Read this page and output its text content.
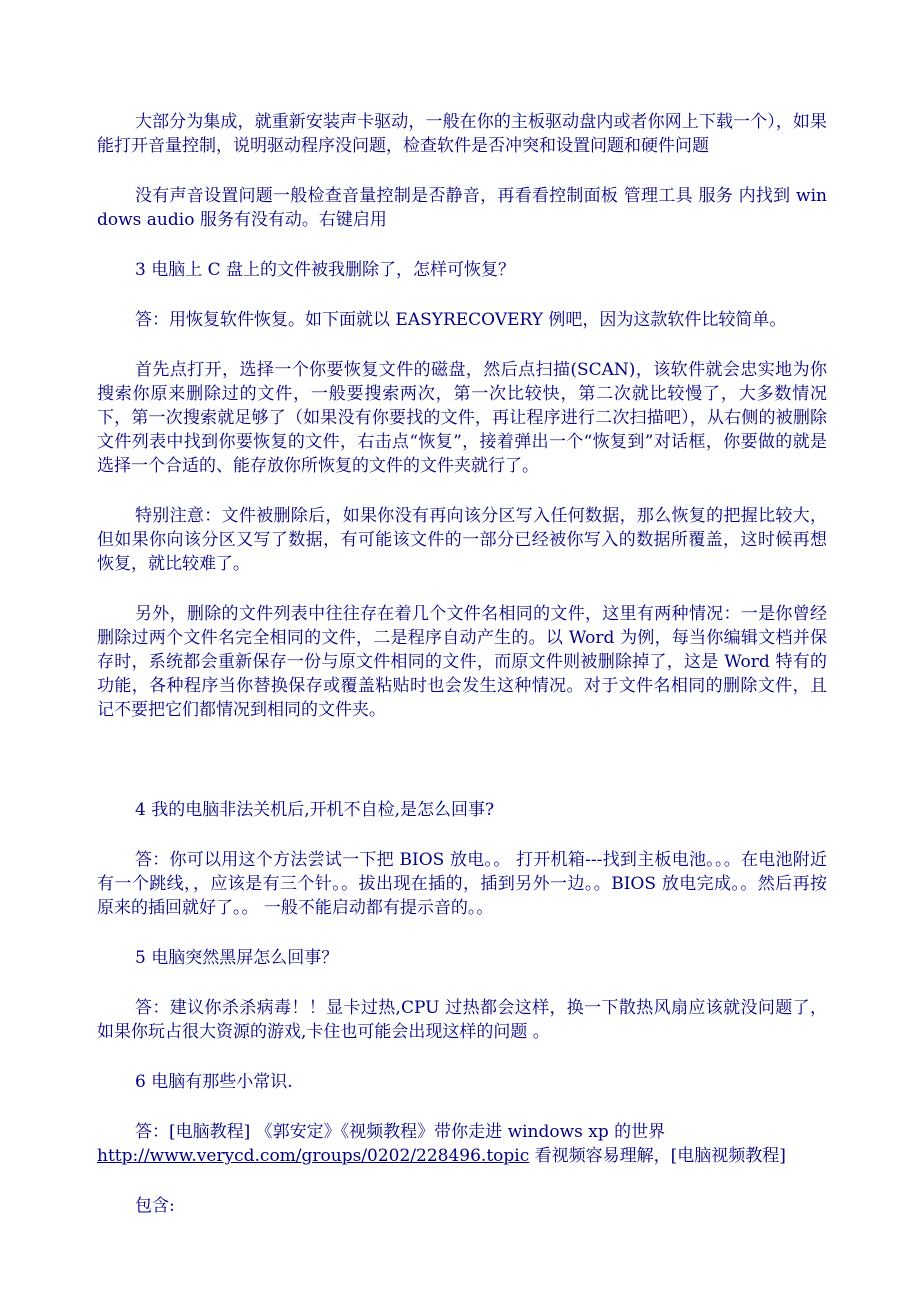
大部分为集成，就重新安装声卡驱动，一般在你的主板驱动盘内或者你网上下载一个），如果能打开音量控制，说明驱动程序没问题，检查软件是否冲突和设置问题和硬件问题

没有声音设置问题一般检查音量控制是否静音，再看看控制面板 管理工具 服务 内找到 windows audio 服务有没有动。右键启用

3 电脑上 C 盘上的文件被我删除了，怎样可恢复？

答：用恢复软件恢复。如下面就以 EASYRECOVERY 例吧，因为这款软件比较简单。

首先点打开，选择一个你要恢复文件的磁盘，然后点扫描(SCAN)，该软件就会忠实地为你搜索你原来删除过的文件，一般要搜索两次，第一次比较快，第二次就比较慢了，大多数情况下，第一次搜索就足够了（如果没有你要找的文件，再让程序进行二次扫描吧），从右侧的被删除文件列表中找到你要恢复的文件，右击点“恢复”，接着弹出一个“恢复到”对话框，你要做的就是选择一个合适的、能存放你所恢复的文件的文件夹就行了。

特别注意：文件被删除后，如果你没有再向该分区写入任何数据，那么恢复的把握比较大，但如果你向该分区又写了数据，有可能该文件的一部分已经被你写入的数据所覆盖，这时候再想恢复，就比较难了。

另外，删除的文件列表中往往存在着几个文件名相同的文件，这里有两种情况：一是你曾经删除过两个文件名完全相同的文件，二是程序自动产生的。以 Word 为例，每当你编辑文档并保存时，系统都会重新保存一份与原文件相同的文件，而原文件则被删除掉了，这是 Word 特有的功能，各种程序当你替换保存或覆盖粘贴时也会发生这种情况。对于文件名相同的删除文件，且记不要把它们都情况到相同的文件夹。

4 我的电脑非法关机后,开机不自检,是怎么回事?

答：你可以用这个方法尝试一下把 BIOS 放电。。 打开机箱---找到主板电池。。。在电池附近有一个跳线，，应该是有三个针。。拔出现在插的，插到另外一边。。BIOS 放电完成。。然后再按原来的插回就好了。。 一般不能启动都有提示音的。。

5 电脑突然黑屏怎么回事？

答：建议你杀杀病毒！！显卡过热,CPU 过热都会这样，换一下散热风扇应该就没问题了，如果你玩占很大资源的游戏,卡住也可能会出现这样的问题 。

6 电脑有那些小常识.

答：[电脑教程] 《郭安定》《视频教程》带你走进 windows xp 的世界
http://www.verycd.com/groups/0202/228496.topic 看视频容易理解，[电脑视频教程]

包含:
